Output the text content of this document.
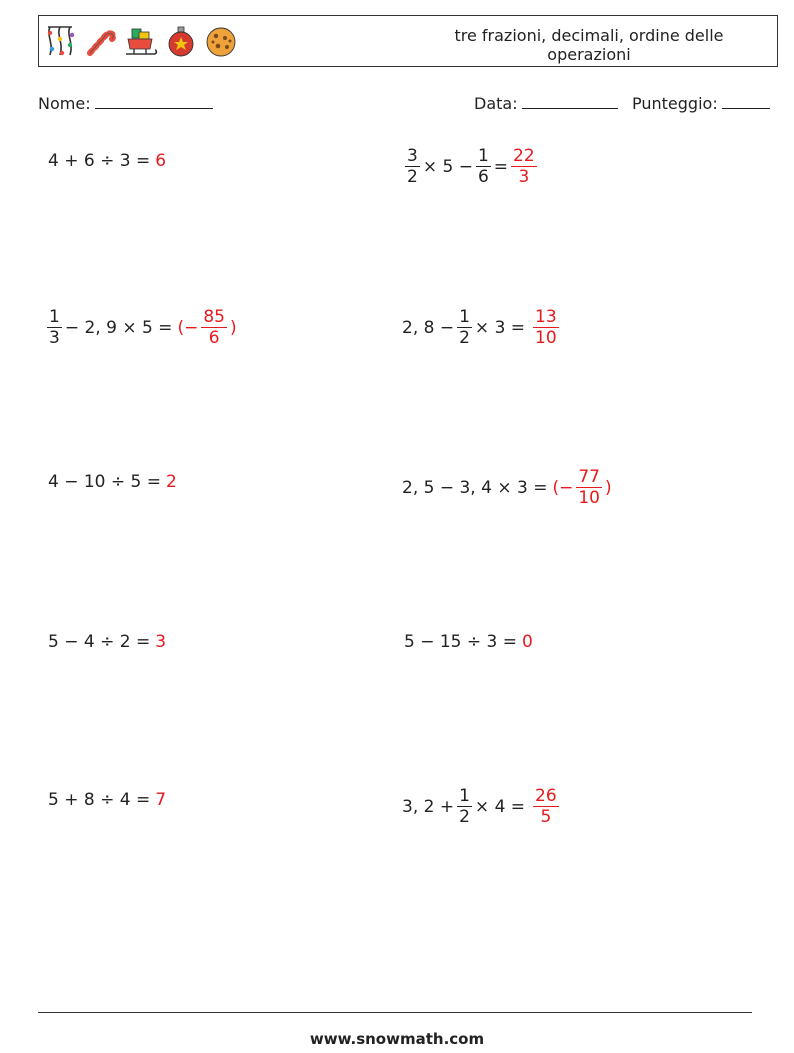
tre frazioni, decimali, ordine delle operazioni
Nome:	Data:	Punteggio:
4 + 6 ÷ 3 = 6	$\frac{3}{2} \times 5 - \frac{1}{6} = \frac{22}{3}$
$\frac{1}{3} - 2$, 9 × 5 = (− $\frac{85}{6}$ )	2, $8 - \frac{1}{2} \times 3 = \frac{13}{10}$
4 − 10 ÷ 5 = 2	2, 5 − 3, 4 × 3 = (− $\frac{77}{10}$ )
5 − 4 ÷ 2 = 3	5 − 15 ÷ 3 = 0
5 + 8 ÷ 4 = 7	3, $2 + \frac{1}{2} \times 4 = \frac{26}{5}$
www.snowmath.com
